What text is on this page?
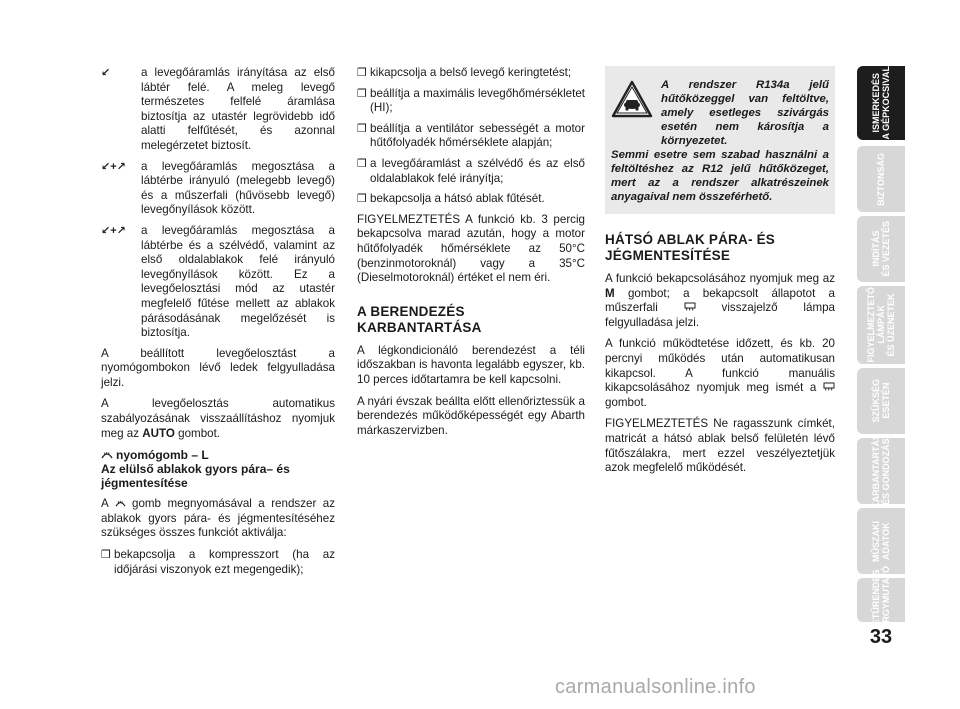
↙	a levegőáramlás irányítása az első lábtér felé. A meleg levegő természetes felfelé áramlása biztosítja az utastér legrövidebb idő alatti felfűtését, és azonnal melegérzetet biztosít.
↙+↗	a levegőáramlás megosztása a lábtérbe irányuló (melegebb levegő) és a műszerfali (hűvösebb levegő) levegőnyílások között.
↙+↗	a levegőáramlás megosztása a lábtérbe és a szélvédő, valamint az első oldalablakok felé irányuló levegőnyílások között. Ez a levegőelosztási mód az utastér megfelelő fűtése mellett az ablakok párásodásának megelőzését is biztosítja.

A beállított levegőelosztást a nyomógombokon lévő ledek felgyulladása jelzi.

A levegőelosztás automatikus szabályozásának visszaállításhoz nyomjuk meg az AUTO gombot.

nyomógomb – L
Az elülső ablakok gyors pára– és jégmentesítése

A gomb megnyomásával a rendszer az ablakok gyors pára- és jégmentesítéséhez szükséges összes funkciót aktiválja:

❒ bekapcsolja a kompresszort (ha az időjárási viszonyok ezt megengedik);
❒ kikapcsolja a belső levegő keringtetést;
❒ beállítja a maximális levegőhőmérsékletet (HI);
❒ beállítja a ventilátor sebességét a motor hűtőfolyadék hőmérséklete alapján;
❒ a levegőáramlást a szélvédő és az első oldalablakok felé irányítja;
❒ bekapcsolja a hátsó ablak fűtését.

FIGYELMEZTETÉS A funkció kb. 3 percig bekapcsolva marad azután, hogy a motor hűtőfolyadék hőmérséklete az 50°C (benzinmotoroknál) vagy a 35°C (Dieselmotoroknál) értéket el nem éri.

A BERENDEZÉS KARBANTARTÁSA

A légkondicionáló berendezést a téli időszakban is havonta legalább egyszer, kb. 10 perces időtartamra be kell kapcsolni.

A nyári évszak beállta előtt ellenőriztessük a berendezés működőképességét egy Abarth márkaszervizben.

A rendszer R134a jelű hűtőközeggel van feltöltve, amely esetleges szivárgás esetén nem károsítja a környezetet.
Semmi esetre sem szabad használni a feltöltéshez az R12 jelű hűtőközeget, mert az a rendszer alkatrészeinek anyagaival nem összeférhető.
HÁTSÓ ABLAK PÁRA- ÉS JÉGMENTESÍTÉSE

A funkció bekapcsolásához nyomjuk meg az M gombot; a bekapcsolt állapotot a műszerfali	visszajelző lámpa felgyulladása jelzi.

A funkció működtetése időzett, és kb. 20 percnyi működés után automatikusan kikapcsol. A funkció manuális kikapcsolásához nyomjuk meg ismét a  gombot.

FIGYELMEZTETÉS Ne ragasszunk címkét, matricát a hátsó ablak belső felületén lévő fűtőszálakra, mert ezzel veszélyeztetjük azok megfelelő működését.

ISMERKEDÉS
A GÉPKOCSIVAL
BIZTONSÁG
INDÍTÁS
ÉS VEZETÉS
FIGYELMEZTETŐ
LÁMPÁK
ÉS ÜZENETEK
SZÜKSÉG
ESETÉN
KARBANTARTÁS
ÉS GONDOZÁS
MŰSZAKI
ADATOK
BETŰRENDES
TÁRGYMUTATÓ
33
carmanualsonline.info
